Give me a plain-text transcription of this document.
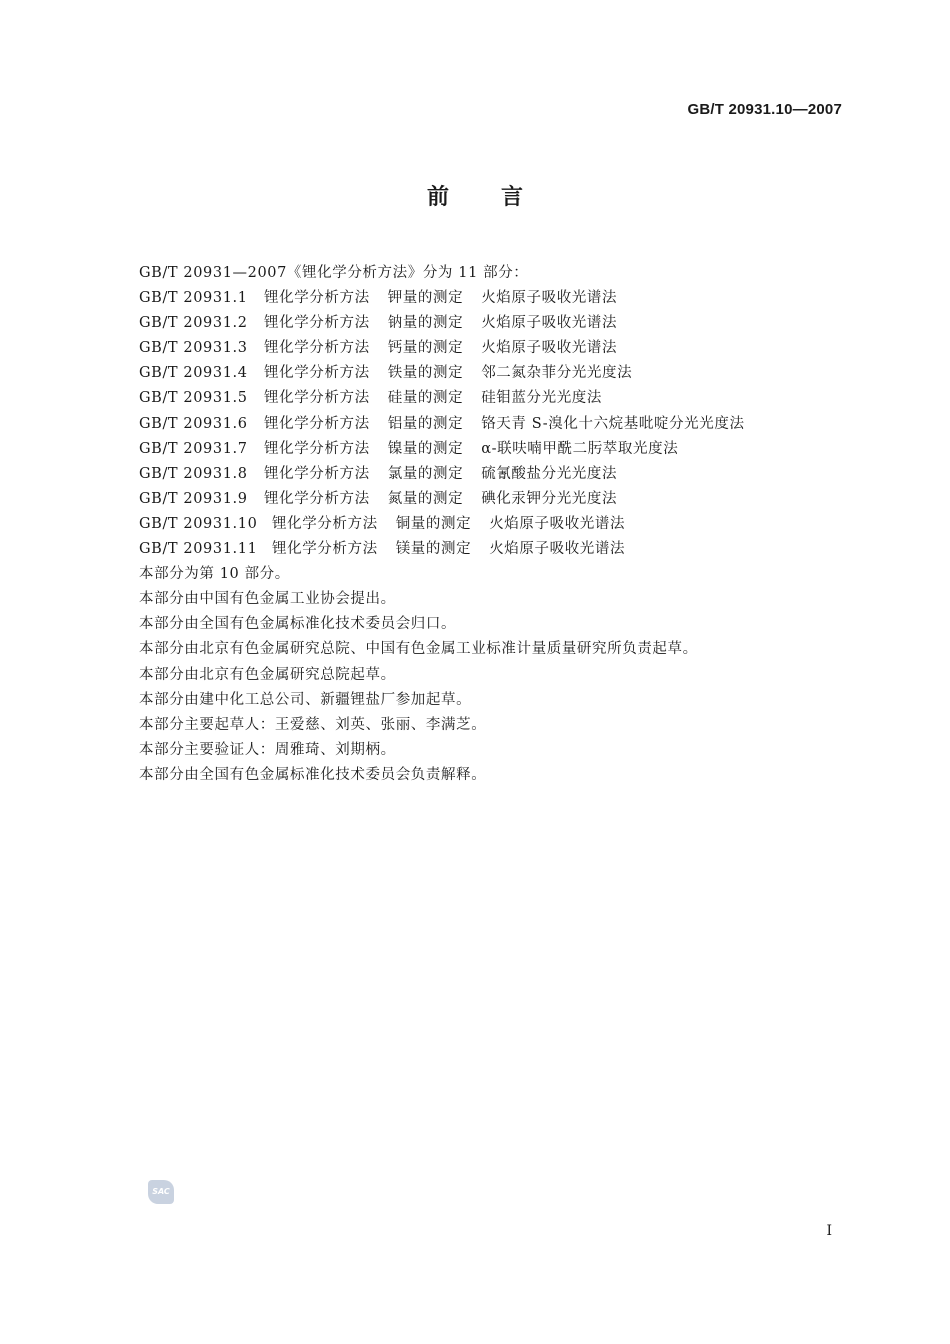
GB/T 20931.10—2007
前言
GB/T 20931—2007《锂化学分析方法》分为 11 部分：
GB/T 20931.1	锂化学分析方法 钾量的测定 火焰原子吸收光谱法
GB/T 20931.2	锂化学分析方法 钠量的测定 火焰原子吸收光谱法
GB/T 20931.3	锂化学分析方法 钙量的测定 火焰原子吸收光谱法
GB/T 20931.4	锂化学分析方法 铁量的测定 邻二氮杂菲分光光度法
GB/T 20931.5	锂化学分析方法 硅量的测定 硅钼蓝分光光度法
GB/T 20931.6	锂化学分析方法 铝量的测定 铬天青 S-溴化十六烷基吡啶分光光度法
GB/T 20931.7	锂化学分析方法 镍量的测定 α-联呋喃甲酰二肟萃取光度法
GB/T 20931.8	锂化学分析方法 氯量的测定 硫氰酸盐分光光度法
GB/T 20931.9	锂化学分析方法 氮量的测定 碘化汞钾分光光度法
GB/T 20931.10	锂化学分析方法 铜量的测定 火焰原子吸收光谱法
GB/T 20931.11	锂化学分析方法 镁量的测定 火焰原子吸收光谱法
本部分为第 10 部分。
本部分由中国有色金属工业协会提出。
本部分由全国有色金属标准化技术委员会归口。
本部分由北京有色金属研究总院、中国有色金属工业标准计量质量研究所负责起草。
本部分由北京有色金属研究总院起草。
本部分由建中化工总公司、新疆锂盐厂参加起草。
本部分主要起草人：王爱慈、刘英、张丽、李满芝。
本部分主要验证人：周雅琦、刘期柄。
本部分由全国有色金属标准化技术委员会负责解释。
SAC
I
